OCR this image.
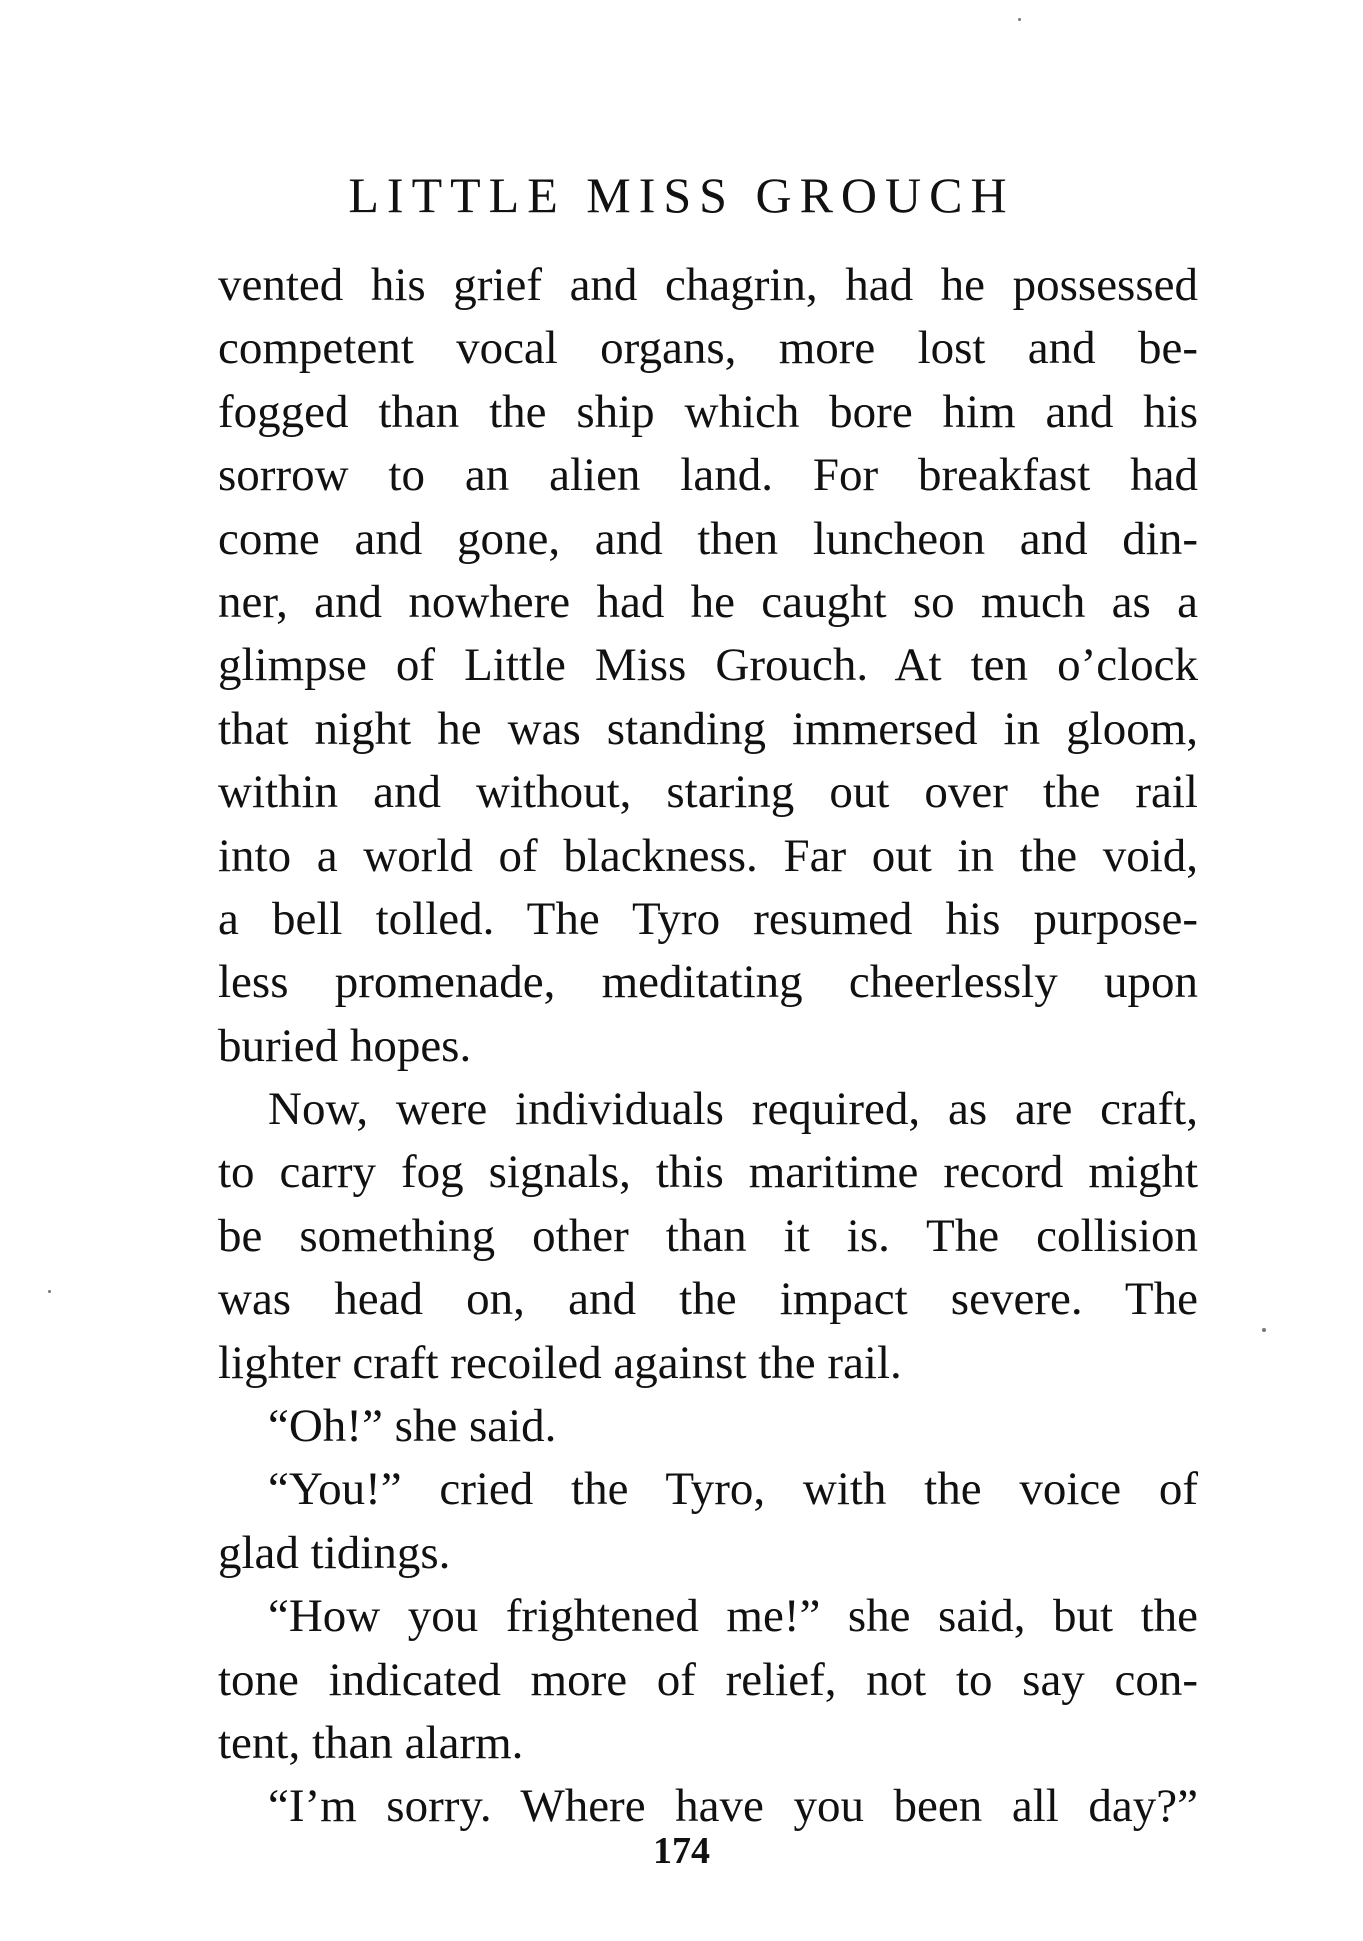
LITTLE MISS GROUCH
vented his grief and chagrin, had he possessed
competent vocal organs, more lost and be-
fogged than the ship which bore him and his
sorrow to an alien land. For breakfast had
come and gone, and then luncheon and din-
ner, and nowhere had he caught so much as a
glimpse of Little Miss Grouch. At ten o’clock
that night he was standing immersed in gloom,
within and without, staring out over the rail
into a world of blackness. Far out in the void,
a bell tolled. The Tyro resumed his purpose-
less promenade, meditating cheerlessly upon
buried hopes.
Now, were individuals required, as are craft,
to carry fog signals, this maritime record might
be something other than it is. The collision
was head on, and the impact severe. The
lighter craft recoiled against the rail.
“Oh!” she said.
“You!” cried the Tyro, with the voice of
glad tidings.
“How you frightened me!” she said, but the
tone indicated more of relief, not to say con-
tent, than alarm.
“I’m sorry. Where have you been all day?”
174
